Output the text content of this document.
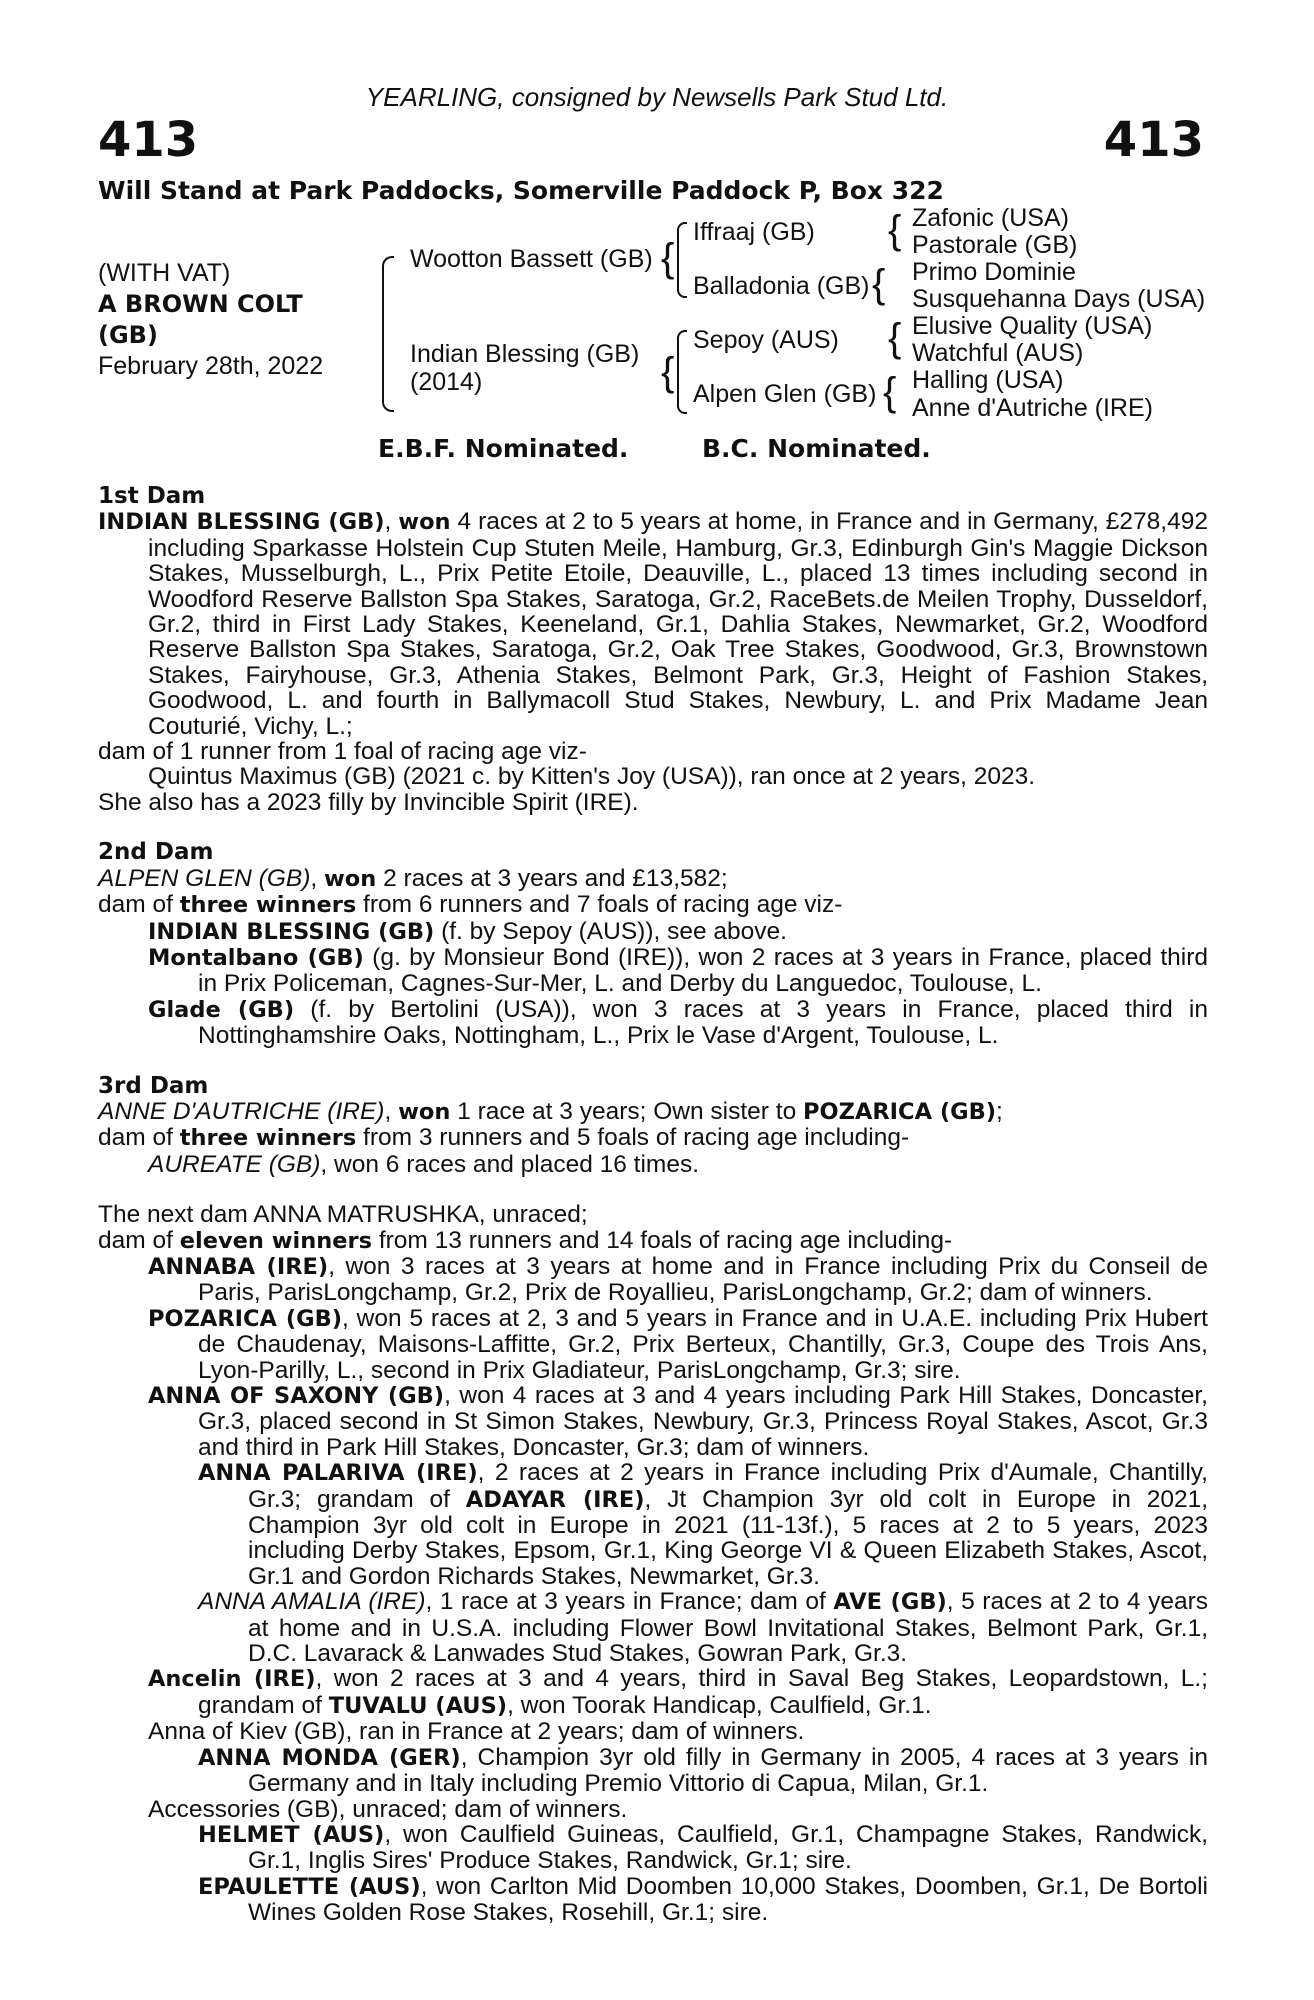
YEARLING, consigned by Newsells Park Stud Ltd.
413	413
Will Stand at Park Paddocks, Somerville Paddock P, Box 322
(WITH VAT)
A BROWN COLT
(GB)
February 28th, 2022
Wootton Bassett (GB)
Indian Blessing (GB)
(2014)
{
{
Iffraaj (GB)
Balladonia (GB)
Sepoy (AUS)
Alpen Glen (GB)
{
{
{
{
Zafonic (USA)
Pastorale (GB)
Primo Dominie
Susquehanna Days (USA)
Elusive Quality (USA)
Watchful (AUS)
Halling (USA)
Anne d'Autriche (IRE)
E.B.F. Nominated.	B.C. Nominated.

1st Dam

INDIAN BLESSING (GB), won 4 races at 2 to 5 years at home, in France and in Germany, £278,492 including Sparkasse Holstein Cup Stuten Meile, Hamburg, Gr.3, Edinburgh Gin's Maggie Dickson Stakes, Musselburgh, L., Prix Petite Etoile, Deauville, L., placed 13 times including second in Woodford Reserve Ballston Spa Stakes, Saratoga, Gr.2, RaceBets.de Meilen Trophy, Dusseldorf, Gr.2, third in First Lady Stakes, Keeneland, Gr.1, Dahlia Stakes, Newmarket, Gr.2, Woodford Reserve Ballston Spa Stakes, Saratoga, Gr.2, Oak Tree Stakes, Goodwood, Gr.3, Brownstown Stakes, Fairyhouse, Gr.3, Athenia Stakes, Belmont Park, Gr.3, Height of Fashion Stakes, Goodwood, L. and fourth in Ballymacoll Stud Stakes, Newbury, L. and Prix Madame Jean Couturié, Vichy, L.;

dam of 1 runner from 1 foal of racing age viz-

Quintus Maximus (GB) (2021 c. by Kitten's Joy (USA)), ran once at 2 years, 2023.

She also has a 2023 filly by Invincible Spirit (IRE).

2nd Dam

ALPEN GLEN (GB), won 2 races at 3 years and £13,582;

dam of three winners from 6 runners and 7 foals of racing age viz-

INDIAN BLESSING (GB) (f. by Sepoy (AUS)), see above.

Montalbano (GB) (g. by Monsieur Bond (IRE)), won 2 races at 3 years in France, placed third in Prix Policeman, Cagnes-Sur-Mer, L. and Derby du Languedoc, Toulouse, L.

Glade (GB) (f. by Bertolini (USA)), won 3 races at 3 years in France, placed third in Nottinghamshire Oaks, Nottingham, L., Prix le Vase d'Argent, Toulouse, L.

3rd Dam

ANNE D'AUTRICHE (IRE), won 1 race at 3 years; Own sister to POZARICA (GB);

dam of three winners from 3 runners and 5 foals of racing age including-

AUREATE (GB), won 6 races and placed 16 times.

The next dam ANNA MATRUSHKA, unraced;

dam of eleven winners from 13 runners and 14 foals of racing age including-

ANNABA (IRE), won 3 races at 3 years at home and in France including Prix du Conseil de Paris, ParisLongchamp, Gr.2, Prix de Royallieu, ParisLongchamp, Gr.2; dam of winners.

POZARICA (GB), won 5 races at 2, 3 and 5 years in France and in U.A.E. including Prix Hubert de Chaudenay, Maisons-Laffitte, Gr.2, Prix Berteux, Chantilly, Gr.3, Coupe des Trois Ans, Lyon-Parilly, L., second in Prix Gladiateur, ParisLongchamp, Gr.3; sire.

ANNA OF SAXONY (GB), won 4 races at 3 and 4 years including Park Hill Stakes, Doncaster, Gr.3, placed second in St Simon Stakes, Newbury, Gr.3, Princess Royal Stakes, Ascot, Gr.3 and third in Park Hill Stakes, Doncaster, Gr.3; dam of winners.

ANNA PALARIVA (IRE), 2 races at 2 years in France including Prix d'Aumale, Chantilly, Gr.3; grandam of ADAYAR (IRE), Jt Champion 3yr old colt in Europe in 2021, Champion 3yr old colt in Europe in 2021 (11-13f.), 5 races at 2 to 5 years, 2023 including Derby Stakes, Epsom, Gr.1, King George VI & Queen Elizabeth Stakes, Ascot, Gr.1 and Gordon Richards Stakes, Newmarket, Gr.3.

ANNA AMALIA (IRE), 1 race at 3 years in France; dam of AVE (GB), 5 races at 2 to 4 years at home and in U.S.A. including Flower Bowl Invitational Stakes, Belmont Park, Gr.1, D.C. Lavarack & Lanwades Stud Stakes, Gowran Park, Gr.3.

Ancelin (IRE), won 2 races at 3 and 4 years, third in Saval Beg Stakes, Leopardstown, L.; grandam of TUVALU (AUS), won Toorak Handicap, Caulfield, Gr.1.

Anna of Kiev (GB), ran in France at 2 years; dam of winners.

ANNA MONDA (GER), Champion 3yr old filly in Germany in 2005, 4 races at 3 years in Germany and in Italy including Premio Vittorio di Capua, Milan, Gr.1.

Accessories (GB), unraced; dam of winners.

HELMET (AUS), won Caulfield Guineas, Caulfield, Gr.1, Champagne Stakes, Randwick, Gr.1, Inglis Sires' Produce Stakes, Randwick, Gr.1; sire.

EPAULETTE (AUS), won Carlton Mid Doomben 10,000 Stakes, Doomben, Gr.1, De Bortoli Wines Golden Rose Stakes, Rosehill, Gr.1; sire.
